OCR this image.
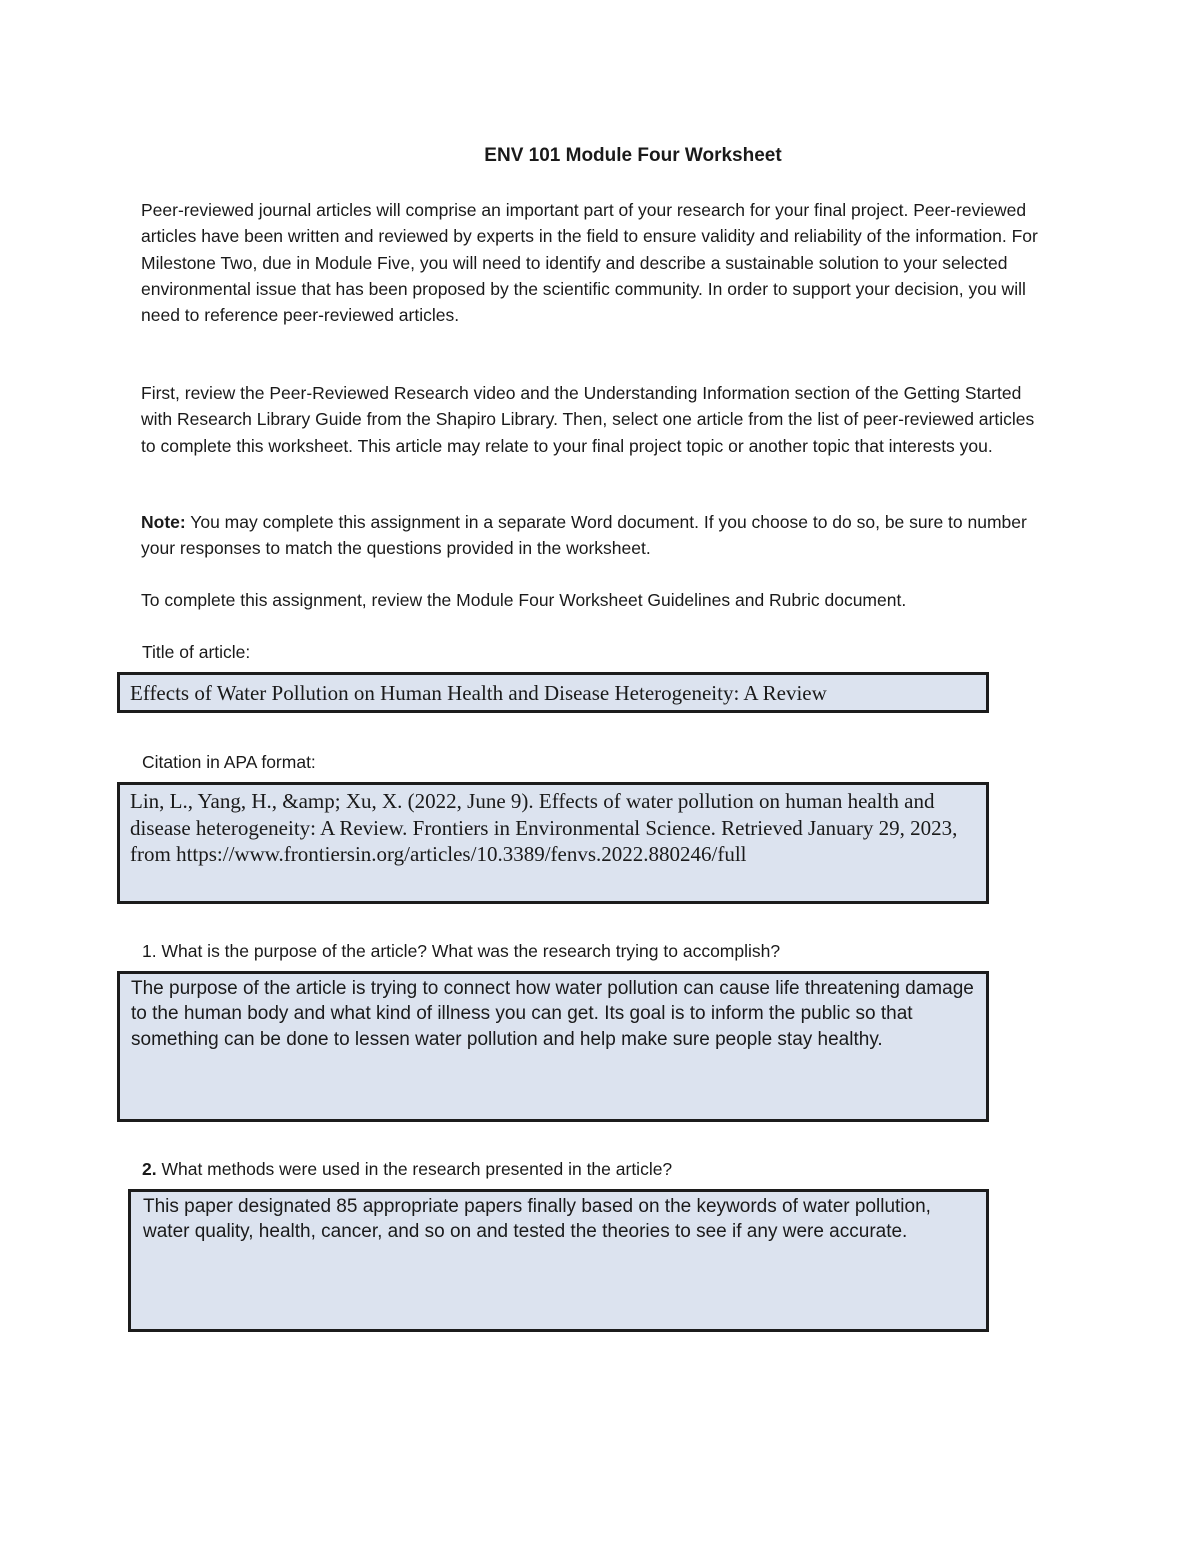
ENV 101 Module Four Worksheet
Peer-reviewed journal articles will comprise an important part of your research for your final project. Peer-reviewed articles have been written and reviewed by experts in the field to ensure validity and reliability of the information. For Milestone Two, due in Module Five, you will need to identify and describe a sustainable solution to your selected environmental issue that has been proposed by the scientific community. In order to support your decision, you will need to reference peer-reviewed articles.
First, review the Peer-Reviewed Research video and the Understanding Information section of the Getting Started with Research Library Guide from the Shapiro Library. Then, select one article from the list of peer-reviewed articles to complete this worksheet. This article may relate to your final project topic or another topic that interests you.
Note: You may complete this assignment in a separate Word document. If you choose to do so, be sure to number your responses to match the questions provided in the worksheet.
To complete this assignment, review the Module Four Worksheet Guidelines and Rubric document.
Title of article:
Effects of Water Pollution on Human Health and Disease Heterogeneity: A Review
Citation in APA format:
Lin, L., Yang, H., &amp; Xu, X. (2022, June 9). Effects of water pollution on human health and disease heterogeneity: A Review. Frontiers in Environmental Science. Retrieved January 29, 2023, from https://www.frontiersin.org/articles/10.3389/fenvs.2022.880246/full
1. What is the purpose of the article? What was the research trying to accomplish?
The purpose of the article is trying to connect how water pollution can cause life threatening damage to the human body and what kind of illness you can get. Its goal is to inform the public so that something can be done to lessen water pollution and help make sure people stay healthy.
2. What methods were used in the research presented in the article?
This paper designated 85 appropriate papers finally based on the keywords of water pollution, water quality, health, cancer, and so on and tested the theories to see if any were accurate.
